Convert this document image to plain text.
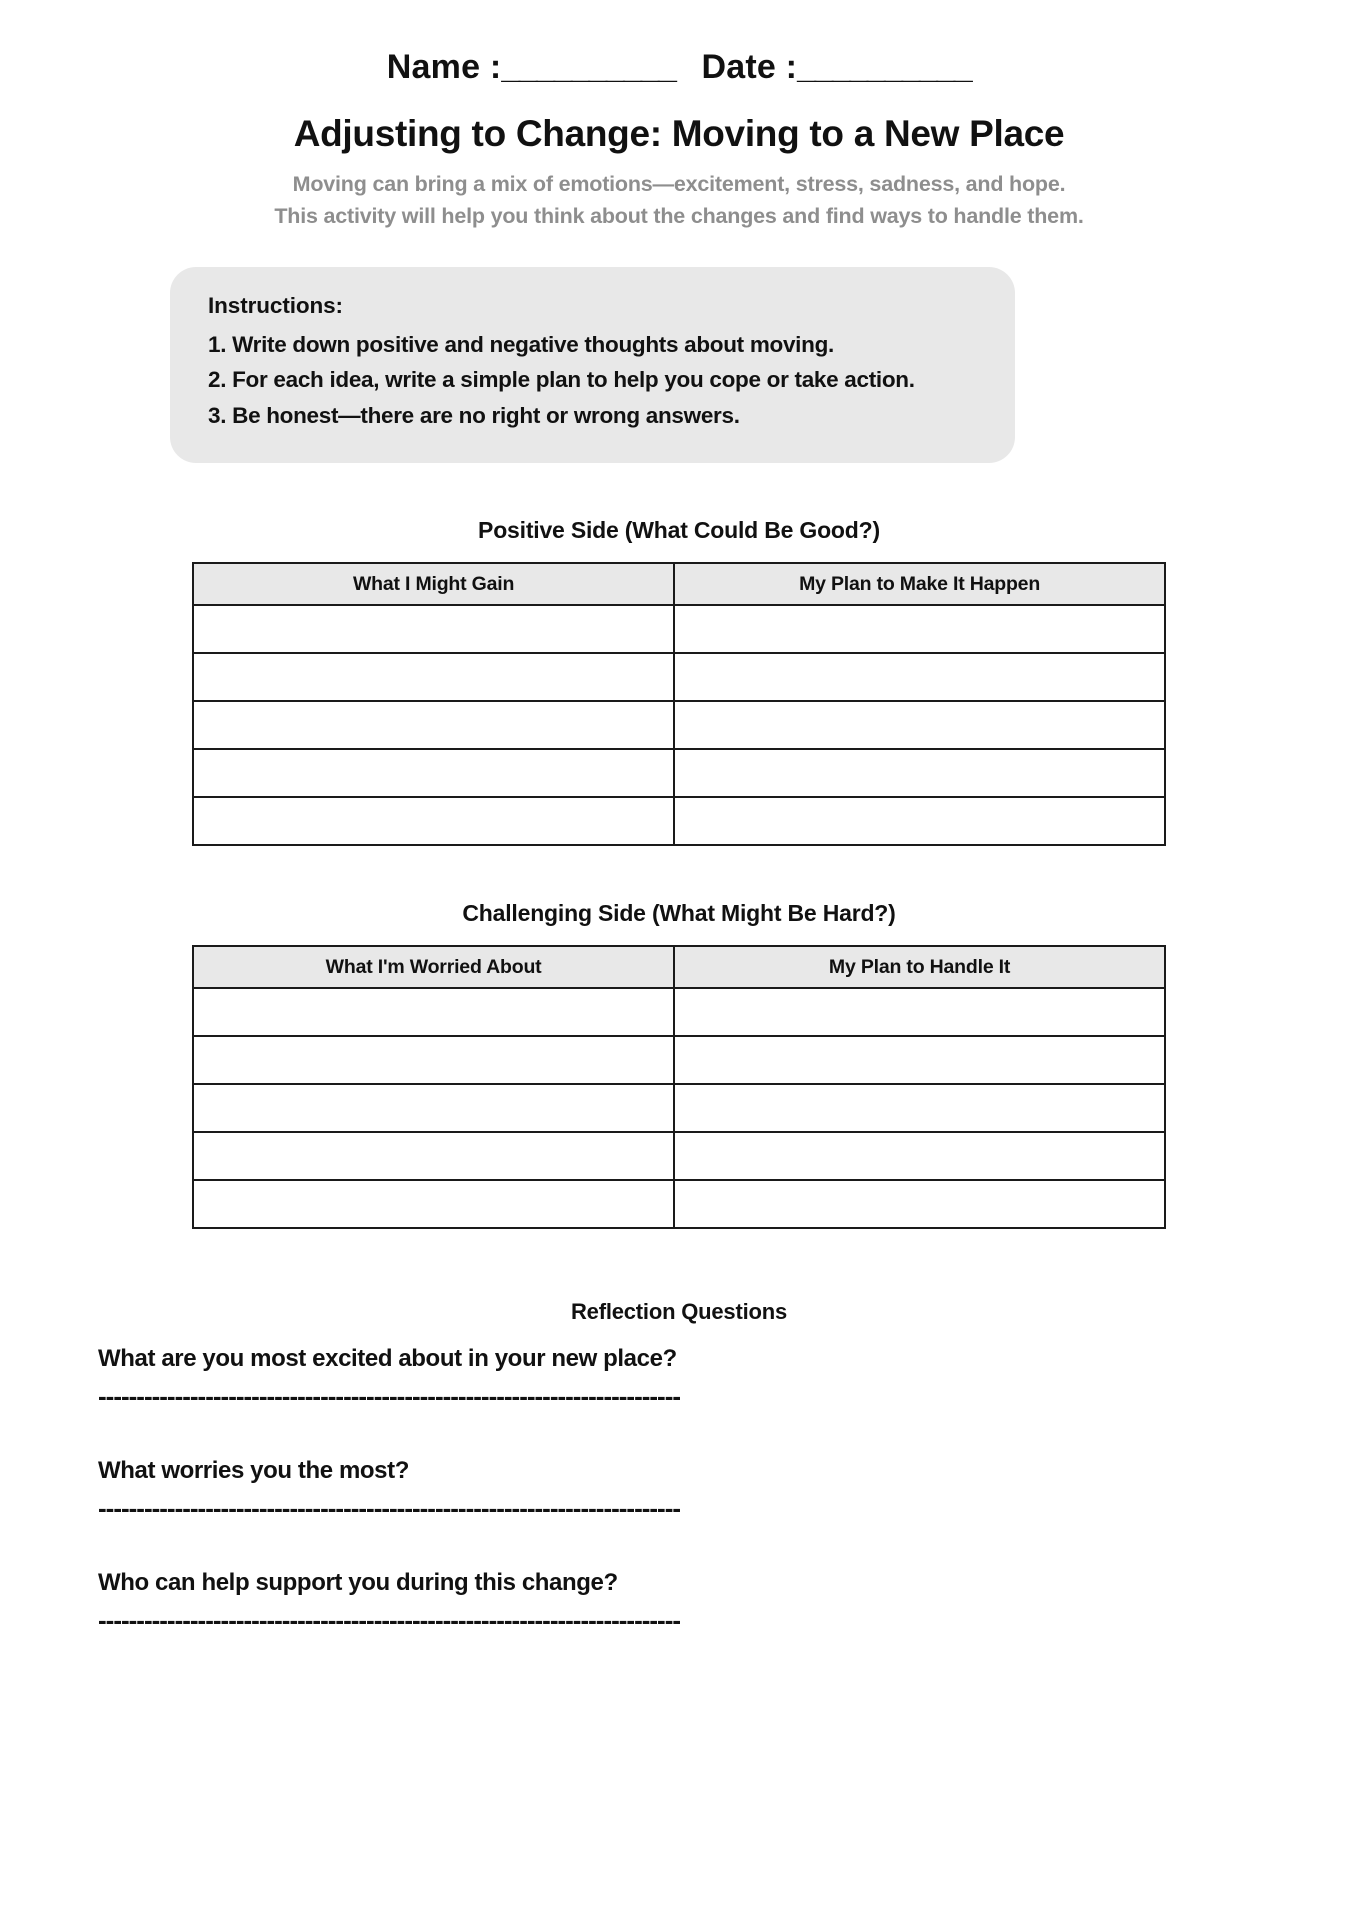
Name :__________ Date :__________
Adjusting to Change: Moving to a New Place
Moving can bring a mix of emotions—excitement, stress, sadness, and hope.
This activity will help you think about the changes and find ways to handle them.
Instructions:
1. Write down positive and negative thoughts about moving.
2. For each idea, write a simple plan to help you cope or take action.
3. Be honest—there are no right or wrong answers.
Positive Side (What Could Be Good?)
What I Might Gain	My Plan to Make It Happen

Challenging Side (What Might Be Hard?)
What I'm Worried About	My Plan to Handle It

Reflection Questions
What are you most excited about in your new place?
----------------------------------------------------------------------------
What worries you the most?
----------------------------------------------------------------------------
Who can help support you during this change?
----------------------------------------------------------------------------
